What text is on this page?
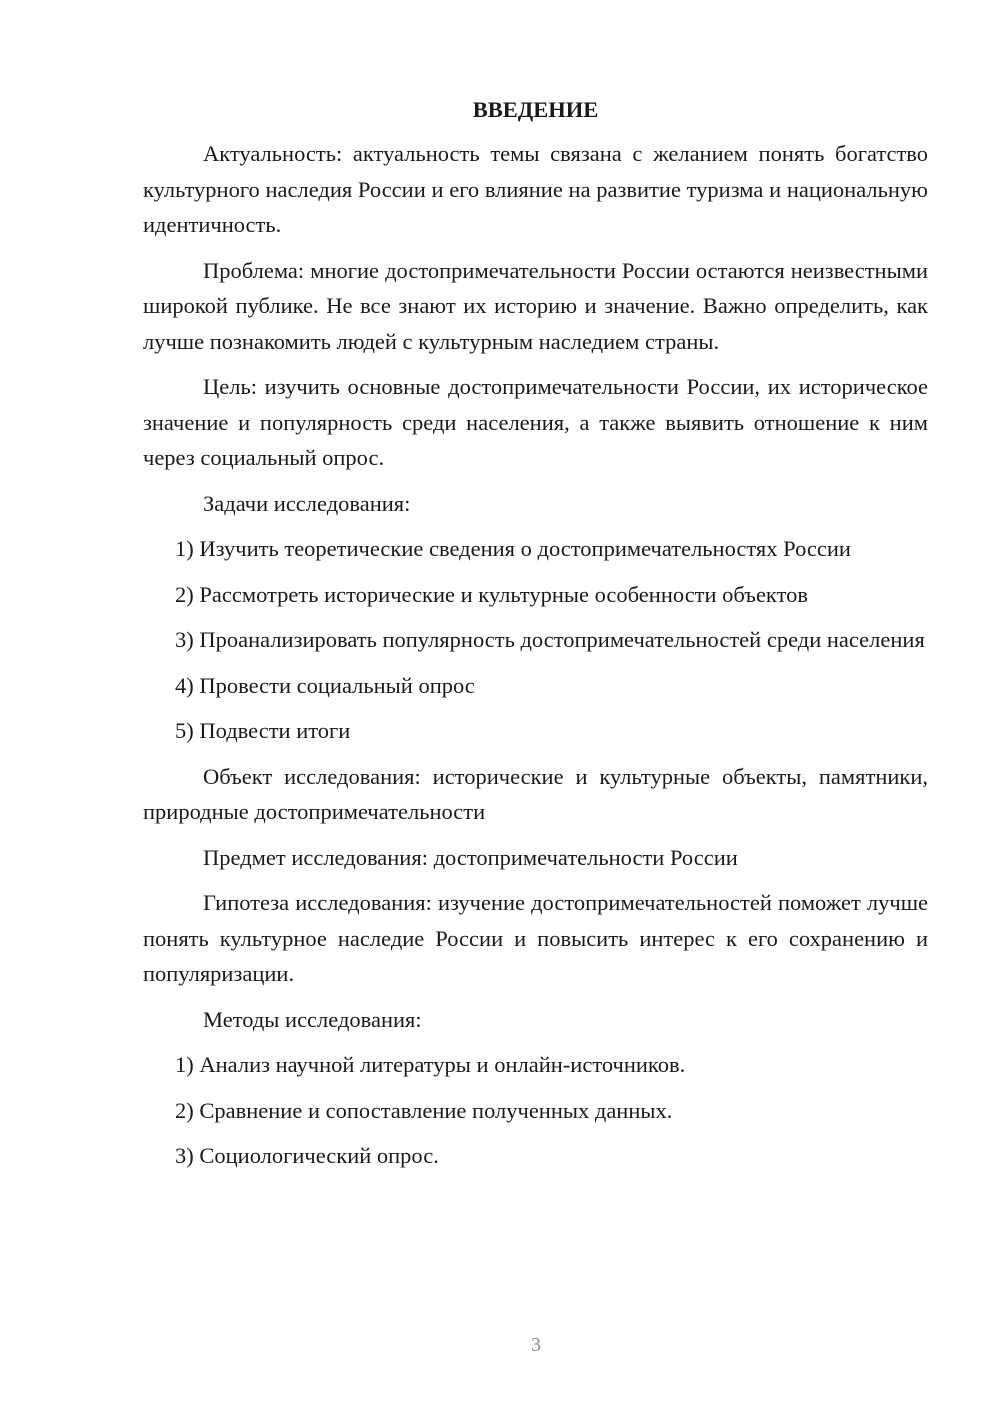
ВВЕДЕНИЕ

Актуальность: актуальность темы связана с желанием понять богатство культурного наследия России и его влияние на развитие туризма и национальную идентичность.

Проблема: многие достопримечательности России остаются неизвестными широкой публике. Не все знают их историю и значение. Важно определить, как лучше познакомить людей с культурным наследием страны.

Цель: изучить основные достопримечательности России, их историческое значение и популярность среди населения, а также выявить отношение к ним через социальный опрос.

Задачи исследования:

1) Изучить теоретические сведения о достопримечательностях России

2) Рассмотреть исторические и культурные особенности объектов

3) Проанализировать популярность достопримечательностей среди населения

4) Провести социальный опрос

5) Подвести итоги

Объект исследования: исторические и культурные объекты, памятники, природные достопримечательности

Предмет исследования: достопримечательности России

Гипотеза исследования: изучение достопримечательностей поможет лучше понять культурное наследие России и повысить интерес к его сохранению и популяризации.

Методы исследования:

1) Анализ научной литературы и онлайн-источников.

2) Сравнение и сопоставление полученных данных.

3) Социологический опрос.

3
